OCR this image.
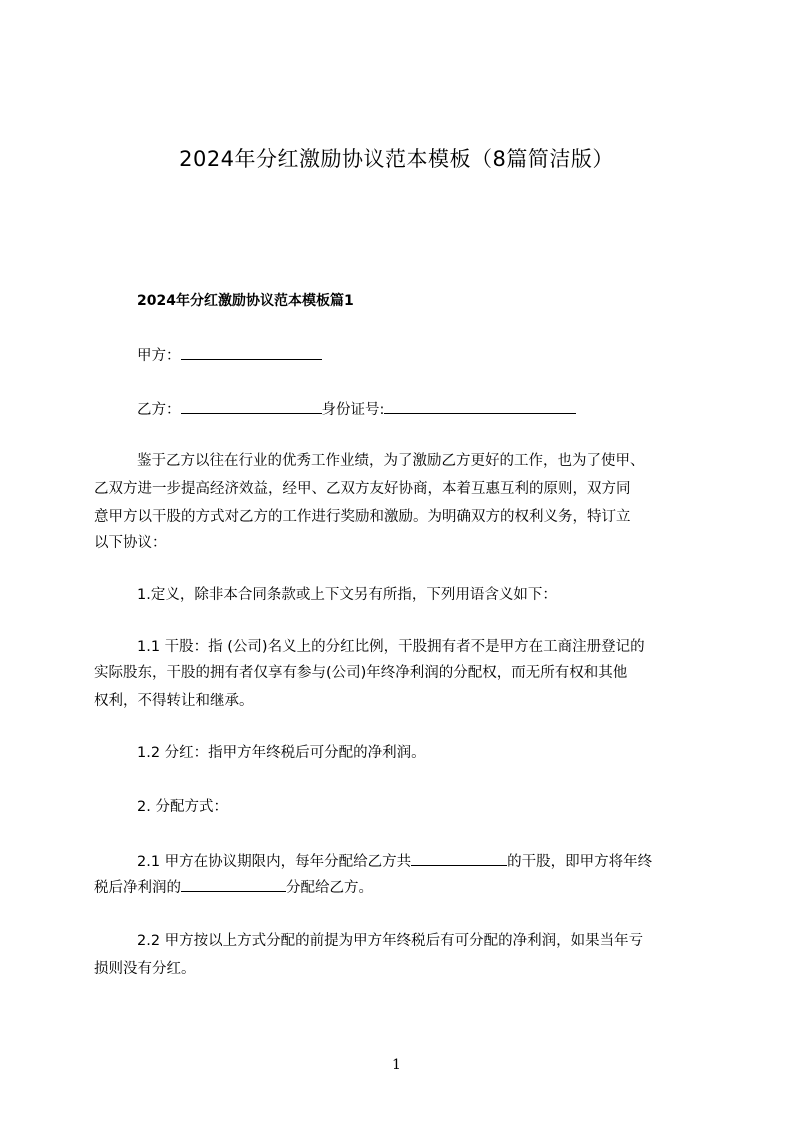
2024年分红激励协议范本模板（8篇简洁版）
2024年分红激励协议范本模板篇1
甲方：
乙方：	身份证号:
鉴于乙方以往在行业的优秀工作业绩，为了激励乙方更好的工作，也为了使甲、
乙双方进一步提高经济效益，经甲、乙双方友好协商，本着互惠互利的原则，双方同
意甲方以干股的方式对乙方的工作进行奖励和激励。为明确双方的权利义务，特订立
以下协议：
1.定义，除非本合同条款或上下文另有所指，下列用语含义如下：
1.1 干股：指 (公司)名义上的分红比例，干股拥有者不是甲方在工商注册登记的
实际股东，干股的拥有者仅享有参与(公司)年终净利润的分配权，而无所有权和其他
权利，不得转让和继承。
1.2 分红：指甲方年终税后可分配的净利润。
2. 分配方式：
2.1 甲方在协议期限内，每年分配给乙方共	的干股，即甲方将年终
税后净利润的	分配给乙方。
2.2 甲方按以上方式分配的前提为甲方年终税后有可分配的净利润，如果当年亏
损则没有分红。
1
